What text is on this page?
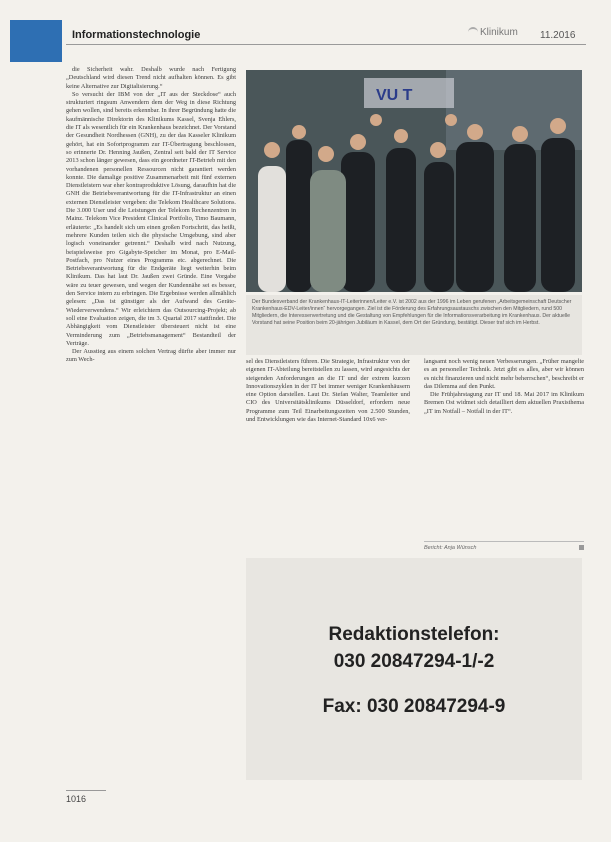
Informationstechnologie	Klinikum 11.2016

die Sicherheit wahr. Deshalb wurde nach Fertigung „Deutschland wird diesen Trend nicht aufhalten können. Es gibt keine Alternative zur Digitalisierung.“

So versucht der IBM von der „IT aus der Steckdose“ auch strukturiert ringsum Anwendern dem der Weg in diese Richtung gehen wollen, sind bereits erkennbar. In ihrer Begründung hatte die kaufmännische Direktorin des Klinikums Kassel, Svenja Ehlers, die IT als wesentlich für ein Krankenhaus bezeichnet. Der Vorstand der Gesundheit Nordhessen (GNH), zu der das Kasseler Klinikum gehört, hat ein Sofortprogramm zur IT-Übertragung beschlossen, so erinnerte Dr. Henning Jaußen, Zentral seit bald der IT Service 2013 schon länger gewesen, dass ein geordneter IT-Betrieb mit den vorhandenen personellen Ressourcen nicht garantiert werden konnte. Die damalige positive Zusammenarbeit mit fünf externen Dienstleistern war eher kontraproduktive Lösung, daraufhin hat die GNH die Betriebsverantwortung für die IT-Infrastruktur an einen externen Dienstleister vergeben: die Telekom Healthcare Solutions. Die 3.000 User und die Leistungen der Telekom Rechenzentren in Mainz. Telekom Vice President Clinical Portfolio, Timo Baumann, erläuterte: „Es handelt sich um einen großen Fortschritt, das heißt, mehrere Kunden teilen sich die physische Umgebung, sind aber logisch voneinander getrennt.“ Deshalb wird nach Nutzung, beispielsweise pro Gigabyte-Speicher im Monat, pro E-Mail-Postfach, pro Nutzer eines Programms etc. abgerechnet. Die Betriebsverantwortung für die Endgeräte liegt weiterhin beim Klinikum. Das hat laut Dr. Jaußen zwei Gründe. Eine Vorgabe wäre zu teuer gewesen, und wegen der Kundennähe sei es besser, den Service intern zu erbringen. Die Ergebnisse werden allmählich gelesen: „Das ist günstiger als der Aufwand des Geräte-Wiederverwendens.“ Wir erleichtern das Outsourcing-Projekt; ab soll eine Evaluation zeigen, die im 3. Quartal 2017 stattfindet. Die Abhängigkeit vom Dienstleister übersteuert nicht ist eine Verminderung zum „Betriebsmanagement“ Bestandteil der Verträge.

Der Ausstieg aus einem solchen Vertrag dürfte aber immer nur zum Wech-

VU T
Der Bundesverband der Krankenhaus-IT-Leiterinnen/Leiter e.V. ist 2002 aus der 1996 im Leben gerufenen „Arbeitsgemeinschaft Deutscher Krankenhaus-EDV-Leiter/innen“ hervorgegangen. Ziel ist die Förderung des Erfahrungsaustauschs zwischen den Mitgliedern, rund 500 Mitgliedern, die Interessenvertretung und die Gestaltung von Empfehlungen für die Informationsverarbeitung im Krankenhaus. Der aktuelle Vorstand hat seine Position beim 20-jährigen Jubiläum in Kassel, dem Ort der Gründung, bestätigt. Dieser traf sich im Herbst.

sel des Dienstleisters führen. Die Strategie, Infrastruktur von der eigenen IT-Abteilung bereitstellen zu lassen, wird angesichts der steigenden Anforderungen an die IT und der extrem kurzen Innovationszyklen in der IT bei immer weniger Krankenhäusern eine Option darstellen. Laut Dr. Stefan Walter, Teamleiter und CIO des Universitätsklinikums Düsseldorf, erfordern neue Programme zum Teil Einarbeitungszeiten von 2.500 Stunden, und Entwicklungen wie das Internet-Standard 10x6 ver-

langsamt noch wenig neuen Verbesserungen. „Früher mangelte es an personeller Technik. Jetzt gibt es alles, aber wir können es nicht finanzieren und nicht mehr beherrschen“, beschreibt er das Dilemma auf den Punkt.

Die Frühjahrstagung zur IT und 18. Mai 2017 im Klinikum Bremen Ost widmet sich detailliert dem aktuellen Praxisthema „IT im Notfall – Notfall in der IT“.

Bericht: Anja Wünsch
Redaktionstelefon:
030 20847294-1/-2
Fax: 030 20847294-9
1016
